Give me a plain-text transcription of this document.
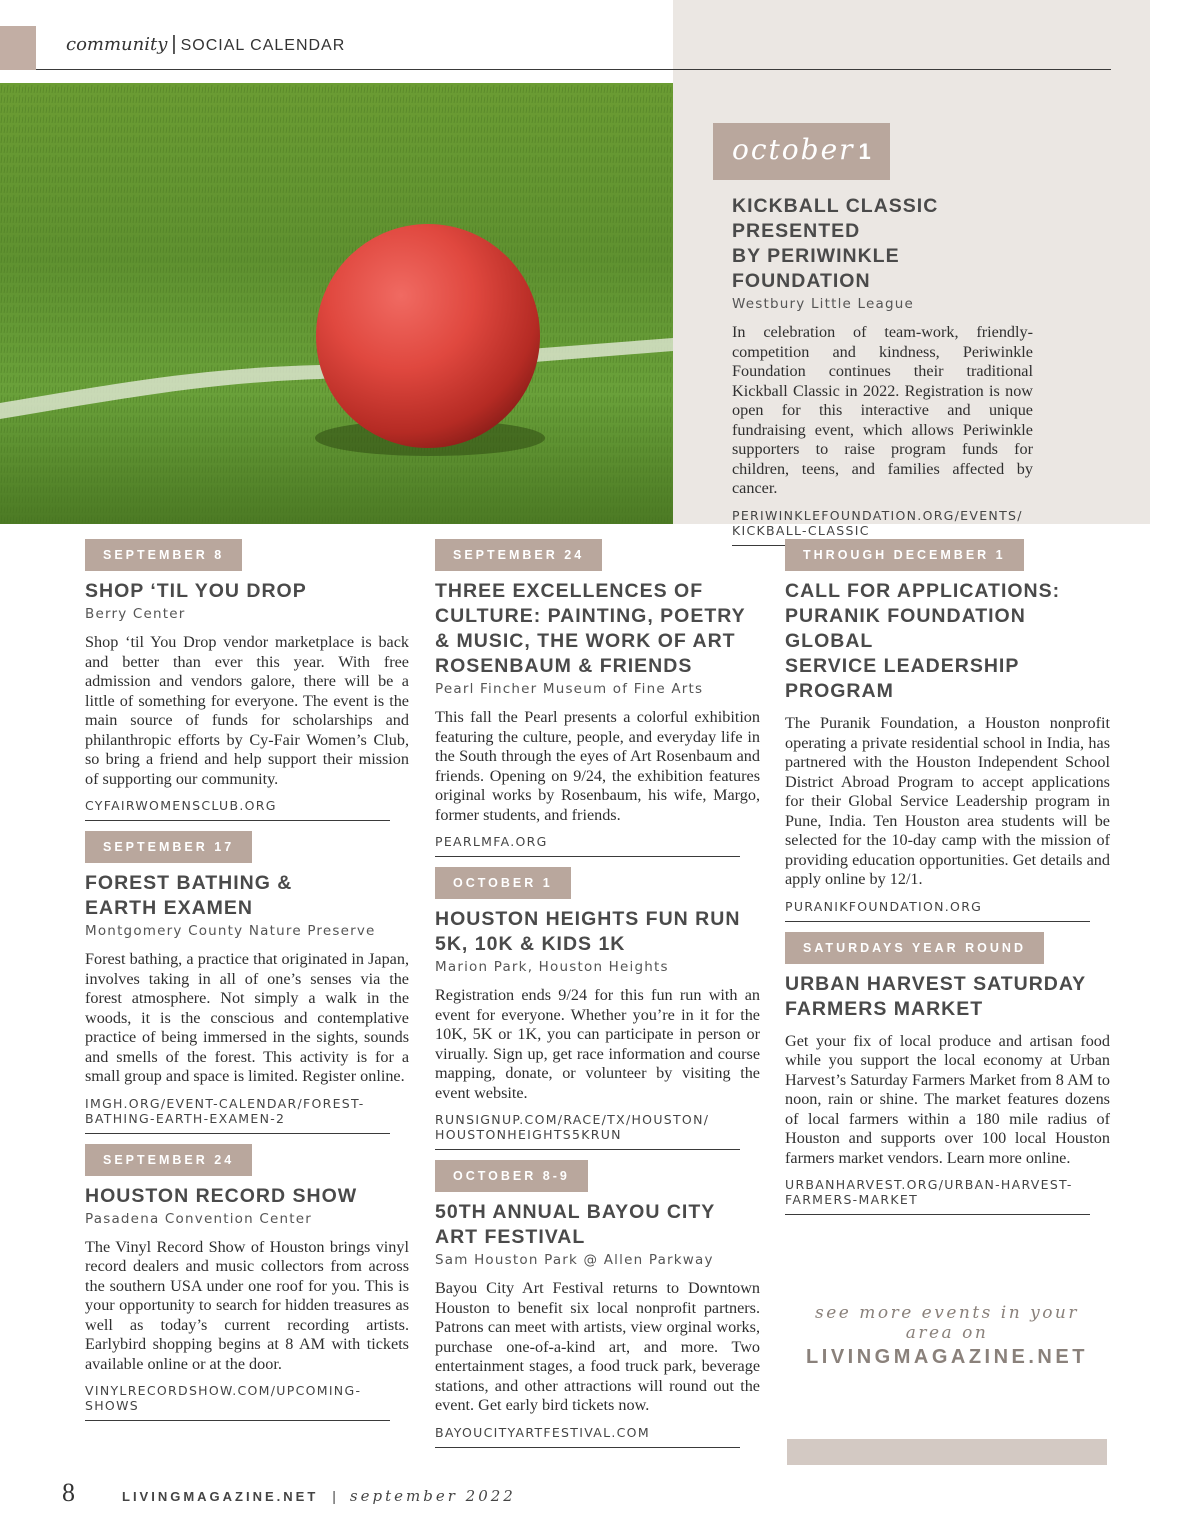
community | SOCIAL CALENDAR
october 1
KICKBALL CLASSIC PRESENTED
BY PERIWINKLE FOUNDATION
Westbury Little League
In celebration of team-work, friendly-competition and kindness, Periwinkle Foundation continues their traditional Kickball Classic in 2022. Registration is now open for this interactive and unique fundraising event, which allows Periwinkle supporters to raise program funds for children, teens, and families affected by cancer.
PERIWINKLEFOUNDATION.ORG/EVENTS/
KICKBALL-CLASSIC
SEPTEMBER 8
SHOP ‘TIL YOU DROP
Berry Center
Shop ‘til You Drop vendor marketplace is back and better than ever this year. With free admission and vendors galore, there will be a little of something for everyone. The event is the main source of funds for scholarships and philanthropic efforts by Cy-Fair Women’s Club, so bring a friend and help support their mission of supporting our community.
CYFAIRWOMENSCLUB.ORG
SEPTEMBER 17
FOREST BATHING &
EARTH EXAMEN
Montgomery County Nature Preserve
Forest bathing, a practice that originated in Japan, involves taking in all of one’s senses via the forest atmosphere. Not simply a walk in the woods, it is the conscious and contemplative practice of being immersed in the sights, sounds and smells of the forest. This activity is for a small group and space is limited. Register online.
IMGH.ORG/EVENT-CALENDAR/FOREST-
BATHING-EARTH-EXAMEN-2
SEPTEMBER 24
HOUSTON RECORD SHOW
Pasadena Convention Center
The Vinyl Record Show of Houston brings vinyl record dealers and music collectors from across the southern USA under one roof for you. This is your opportunity to search for hidden treasures as well as today’s current recording artists. Earlybird shopping begins at 8 AM with tickets available online or at the door.
VINYLRECORDSHOW.COM/UPCOMING-SHOWS
SEPTEMBER 24
THREE EXCELLENCES OF
CULTURE: PAINTING, POETRY
& MUSIC, THE WORK OF ART
ROSENBAUM & FRIENDS
Pearl Fincher Museum of Fine Arts
This fall the Pearl presents a colorful exhibition featuring the culture, people, and everyday life in the South through the eyes of Art Rosenbaum and friends. Opening on 9/24, the exhibition features original works by Rosenbaum, his wife, Margo, former students, and friends.
PEARLMFA.ORG
OCTOBER 1
HOUSTON HEIGHTS FUN RUN
5K, 10K & KIDS 1K
Marion Park, Houston Heights
Registration ends 9/24 for this fun run with an event for everyone. Whether you’re in it for the 10K, 5K or 1K, you can participate in person or virually. Sign up, get race information and course mapping, donate, or volunteer by visiting the event website.
RUNSIGNUP.COM/RACE/TX/HOUSTON/
HOUSTONHEIGHTS5KRUN
OCTOBER 8-9
50TH ANNUAL BAYOU CITY
ART FESTIVAL
Sam Houston Park @ Allen Parkway
Bayou City Art Festival returns to Downtown Houston to benefit six local nonprofit partners. Patrons can meet with artists, view orginal works, purchase one-of-a-kind art, and more. Two entertainment stages, a food truck park, beverage stations, and other attractions will round out the event. Get early bird tickets now.
BAYOUCITYARTFESTIVAL.COM
THROUGH DECEMBER 1
CALL FOR APPLICATIONS:
PURANIK FOUNDATION GLOBAL
SERVICE LEADERSHIP PROGRAM
The Puranik Foundation, a Houston nonprofit operating a private residential school in India, has partnered with the Houston Independent School District Abroad Program to accept applications for their Global Service Leadership program in Pune, India. Ten Houston area students will be selected for the 10-day camp with the mission of providing education opportunities. Get details and apply online by 12/1.
PURANIKFOUNDATION.ORG
SATURDAYS YEAR ROUND
URBAN HARVEST SATURDAY
FARMERS MARKET
Get your fix of local produce and artisan food while you support the local economy at Urban Harvest’s Saturday Farmers Market from 8 AM to noon, rain or shine. The market features dozens of local farmers within a 180 mile radius of Houston and supports over 100 local Houston farmers market vendors. Learn more online.
URBANHARVEST.ORG/URBAN-HARVEST-
FARMERS-MARKET
see more events in your area on
LIVINGMAGAZINE.NET
8	LIVINGMAGAZINE.NET | september 2022
